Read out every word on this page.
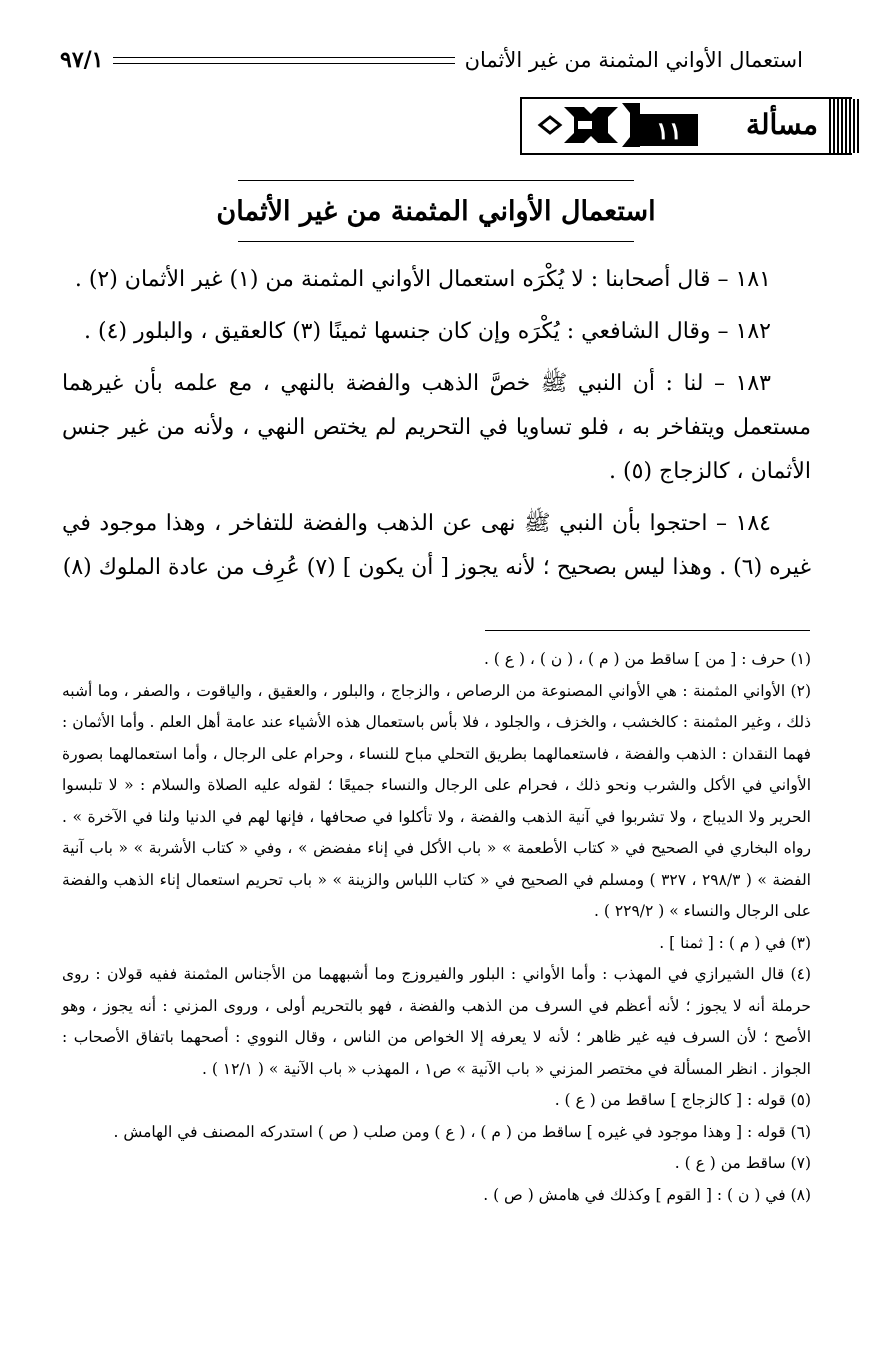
استعمال الأواني المثمنة من غير الأثمان
٩٧/١
مسألة
١١
استعمال الأواني المثمنة من غير الأثمان

١٨١ – قال أصحابنا : لا يُكْرَه استعمال الأواني المثمنة من (١) غير الأثمان (٢) .

١٨٢ – وقال الشافعي : يُكْرَه وإن كان جنسها ثمينًا (٣) كالعقيق ، والبلور (٤) .

١٨٣ – لنا : أن النبي ﷺ خصَّ الذهب والفضة بالنهي ، مع علمه بأن غيرهما مستعمل ويتفاخر به ، فلو تساويا في التحريم لم يختص النهي ، ولأنه من غير جنس الأثمان ، كالزجاج (٥) .

١٨٤ – احتجوا بأن النبي ﷺ نهى عن الذهب والفضة للتفاخر ، وهذا موجود في غيره (٦) . وهذا ليس بصحيح ؛ لأنه يجوز [ أن يكون ] (٧) عُرِف من عادة الملوك (٨)

(١) حرف : [ من ] ساقط من ( م ) ، ( ن ) ، ( ع ) .

(٢) الأواني المثمنة : هي الأواني المصنوعة من الرصاص ، والزجاج ، والبلور ، والعقيق ، والياقوت ، والصفر ، وما أشبه ذلك ، وغير المثمنة : كالخشب ، والخزف ، والجلود ، فلا بأس باستعمال هذه الأشياء عند عامة أهل العلم . وأما الأثمان : فهما النقدان : الذهب والفضة ، فاستعمالهما بطريق التحلي مباح للنساء ، وحرام على الرجال ، وأما استعمالهما بصورة الأواني في الأكل والشرب ونحو ذلك ، فحرام على الرجال والنساء جميعًا ؛ لقوله عليه الصلاة والسلام : « لا تلبسوا الحرير ولا الديباج ، ولا تشربوا في آنية الذهب والفضة ، ولا تأكلوا في صحافها ، فإنها لهم في الدنيا ولنا في الآخرة » . رواه البخاري في الصحيح في « كتاب الأطعمة » « باب الأكل في إناء مفضض » ، وفي « كتاب الأشربة » « باب آنية الفضة » ( ٢٩٨/٣ ، ٣٢٧ ) ومسلم في الصحيح في « كتاب اللباس والزينة » « باب تحريم استعمال إناء الذهب والفضة على الرجال والنساء » ( ٢٢٩/٢ ) .

(٣) في ( م ) : [ ثمنا ] .

(٤) قال الشيرازي في المهذب : وأما الأواني : البلور والفيروزج وما أشبههما من الأجناس المثمنة ففيه قولان : روى حرملة أنه لا يجوز ؛ لأنه أعظم في السرف من الذهب والفضة ، فهو بالتحريم أولى ، وروى المزني : أنه يجوز ، وهو الأصح ؛ لأن السرف فيه غير ظاهر ؛ لأنه لا يعرفه إلا الخواص من الناس ، وقال النووي : أصحهما باتفاق الأصحاب : الجواز . انظر المسألة في مختصر المزني « باب الآنية » ص١ ، المهذب « باب الآنية » ( ١٢/١ ) .

(٥) قوله : [ كالزجاج ] ساقط من ( ع ) .

(٦) قوله : [ وهذا موجود في غيره ] ساقط من ( م ) ، ( ع ) ومن صلب ( ص ) استدركه المصنف في الهامش .

(٧) ساقط من ( ع ) .

(٨) في ( ن ) : [ القوم ] وكذلك في هامش ( ص ) .
